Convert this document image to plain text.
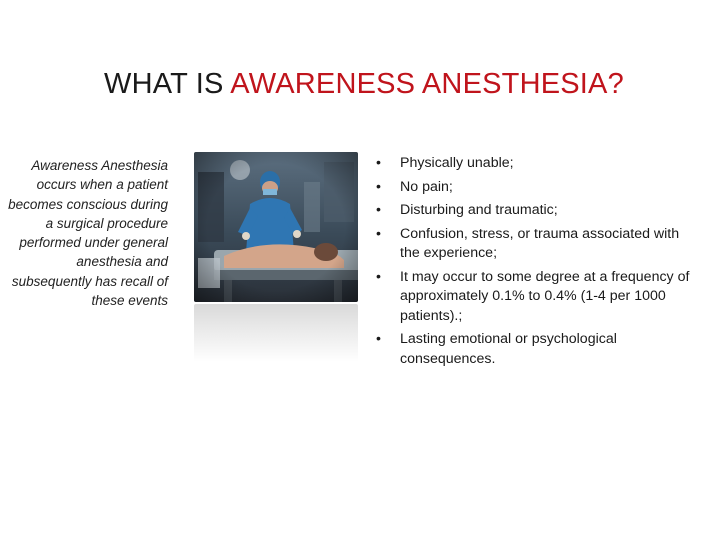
WHAT IS AWARENESS ANESTHESIA?
Awareness Anesthesia occurs when a patient becomes conscious during a surgical procedure performed under general anesthesia and subsequently has recall of these events
• Physically unable;
• No pain;
• Disturbing and traumatic;
• Confusion, stress, or trauma associated with the experience;
• It may occur to some degree at a frequency of approximately 0.1% to 0.4% (1-4 per 1000 patients).;
• Lasting emotional or psychological consequences.
